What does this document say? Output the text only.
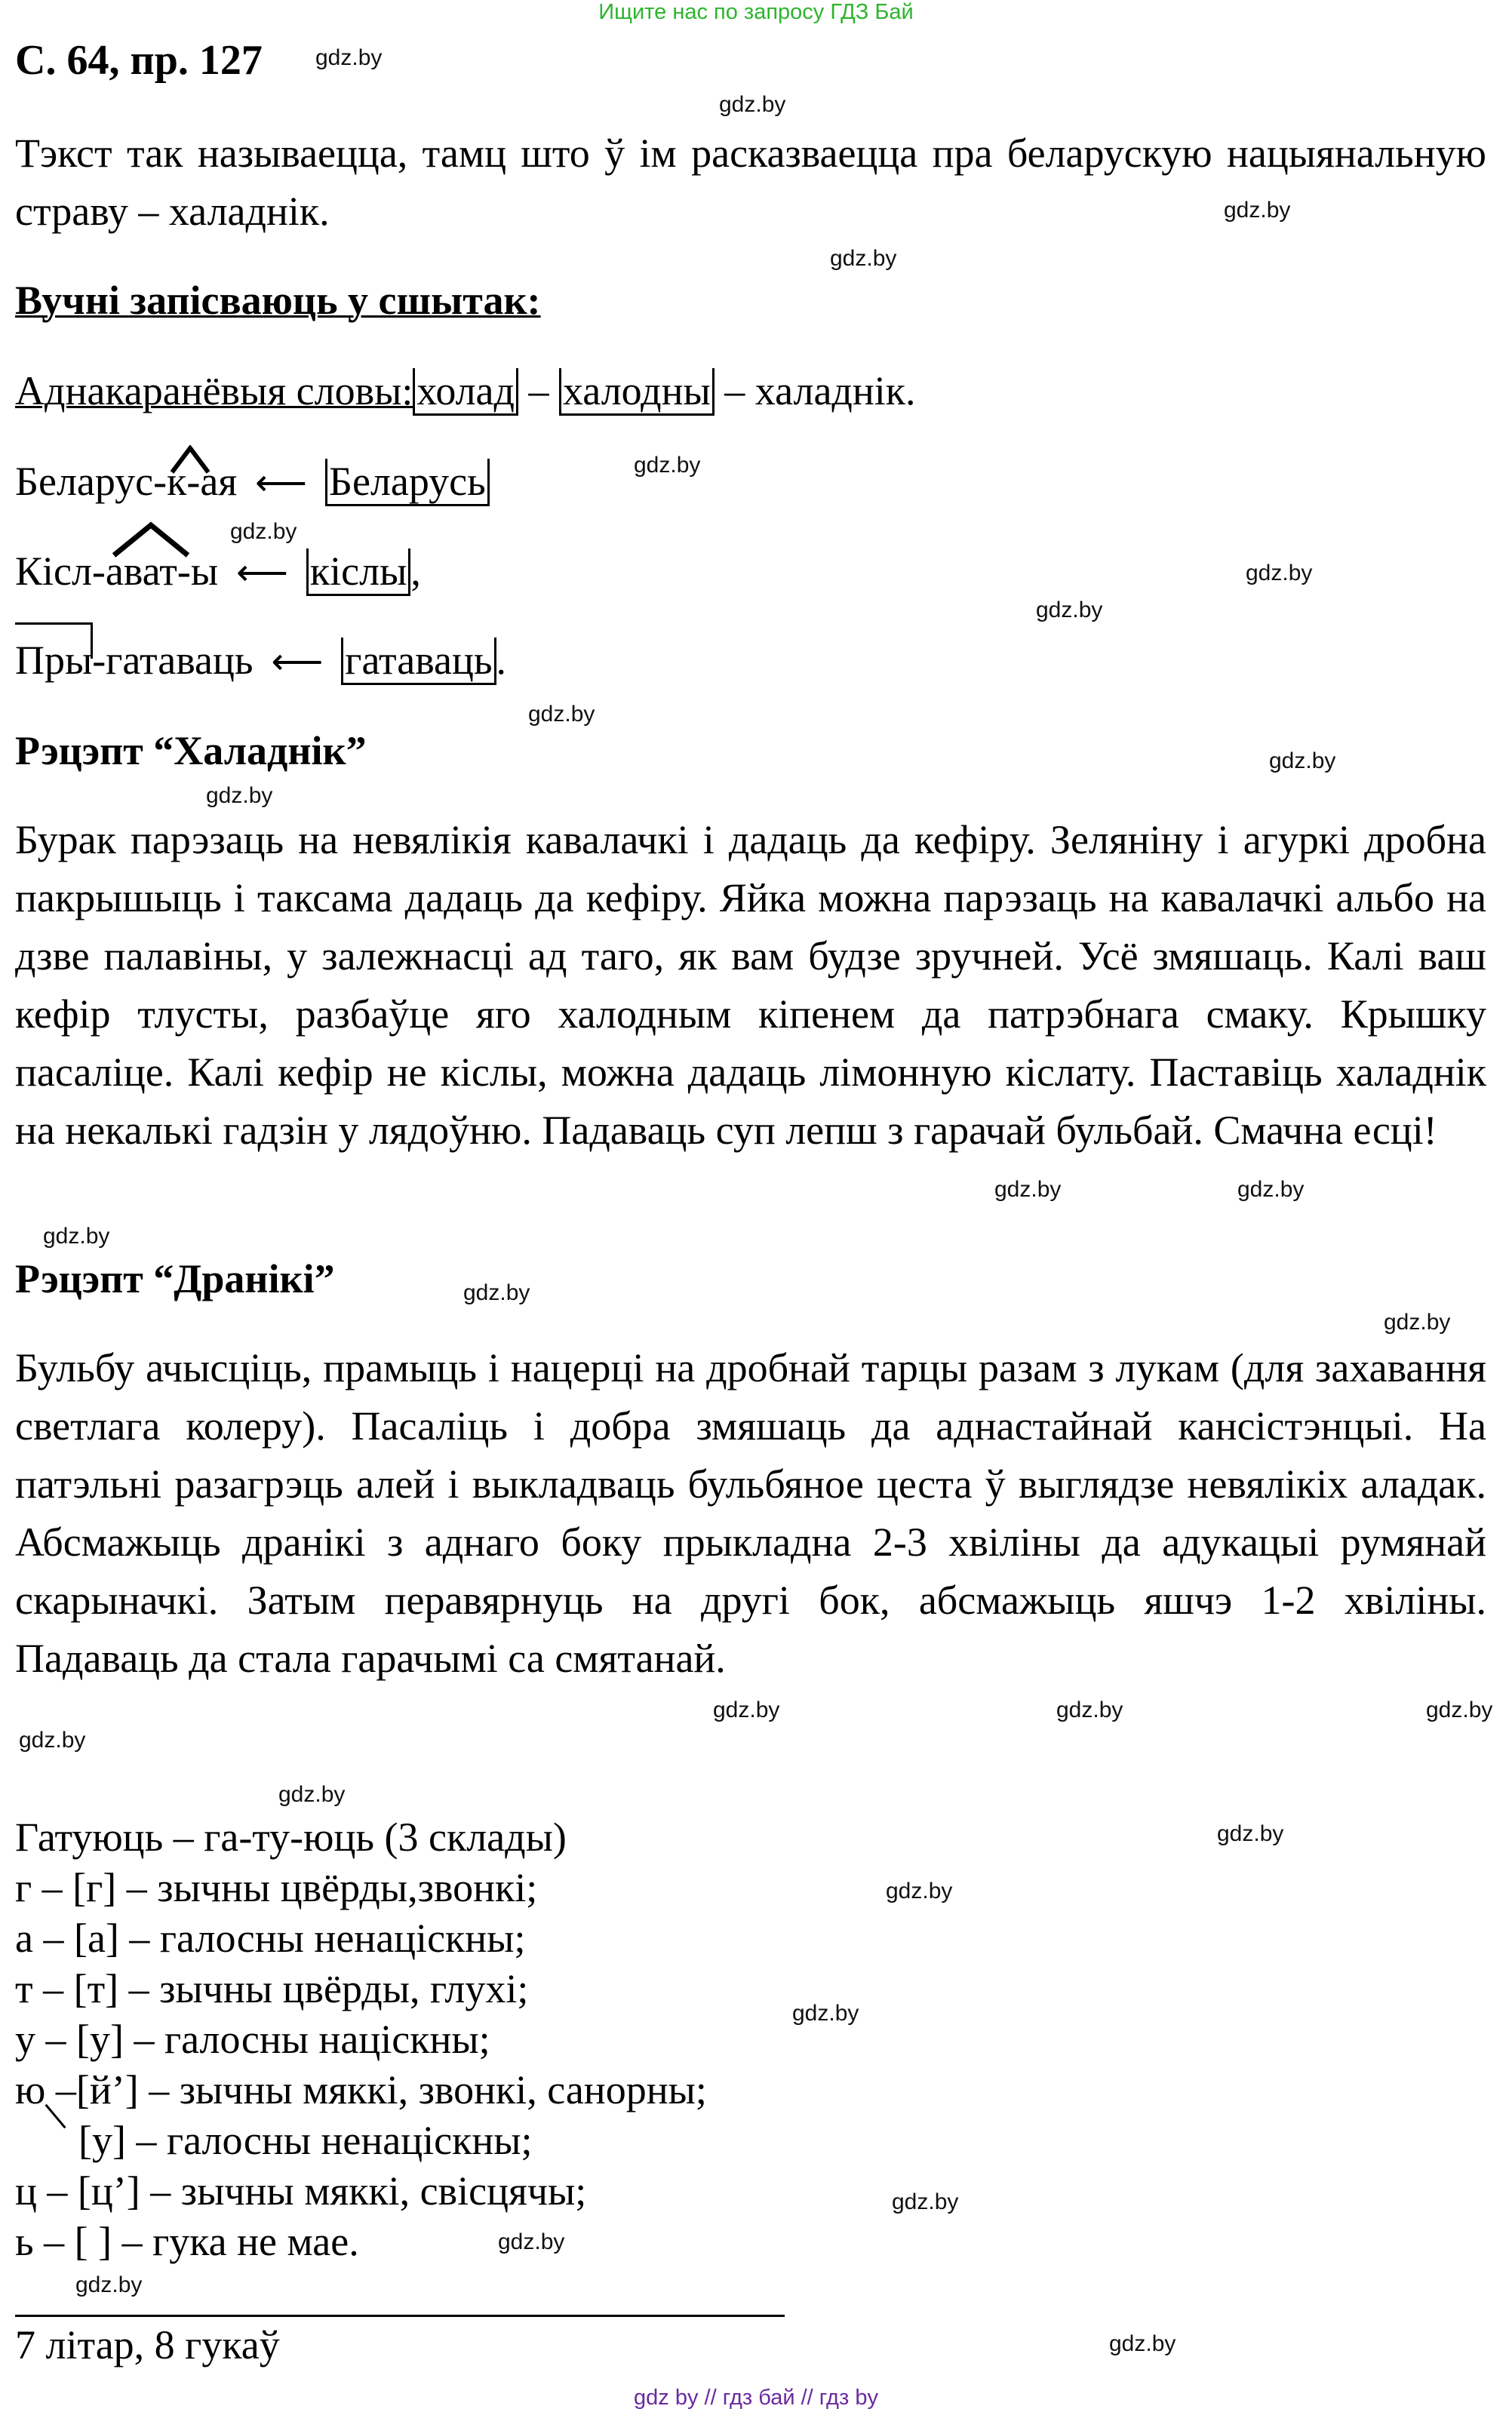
Ищите нас по запросу ГДЗ Бай
С. 64, пр. 127
Тэкст так называецца, тамц што ў ім расказваецца пра беларускую нацыянальную страву – халаднік.
Вучні запісваюць у сшытак:
Аднакаранёвыя словы:холад – халодны – халаднік.
Беларус-к-ая ⟵ Беларусь
Кісл-ават-ы ⟵ кіслы,
Пры-гатаваць ⟵ гатаваць.
Рэцэпт “Халаднік”
Бурак парэзаць на невялікія кавалачкі і дадаць да кефіру. Зеляніну і агуркі дробна пакрышыць і таксама дадаць да кефіру. Яйка можна парэзаць на кавалачкі альбо на дзве палавіны, у залежнасці ад таго, як вам будзе зручней. Усё змяшаць. Калі ваш кефір тлусты, разбаўце яго халодным кіпенем да патрэбнага смаку. Крышку пасаліце. Калі кефір не кіслы, можна дадаць лімонную кіслату. Паставіць халаднік на некалькі гадзін у лядоўню. Падаваць суп лепш з гарачай бульбай. Смачна есці!
Рэцэпт “Дранікі”
Бульбу ачысціць, прамыць і нацерці на дробнай тарцы разам з лукам (для захавання светлага колеру). Пасаліць і добра змяшаць да аднастайнай кансістэнцыі. На патэльні разагрэць алей і выкладваць бульбяное цеста ў выглядзе невялікіх аладак. Абсмажыць дранікі з аднаго боку прыкладна 2-3 хвіліны да адукацыі румянай скарыначкі. Затым перавярнуць на другі бок, абсмажыць яшчэ 1-2 хвіліны. Падаваць да стала гарачымі са смятанай.
Гатуюць – га-ту-юць (3 склады)
г – [г] – зычны цвёрды,звонкі;
а – [а] – галосны ненаціскны;
т – [т] – зычны цвёрды, глухі;
у – [у] – галосны націскны;
ю –[й’] – зычны мяккі, звонкі, санорны;
[у] – галосны ненаціскны;
ц – [ц’] – зычны мяккі, свісцячы;
ь – [ ] – гука не мае.
7 літар, 8 гукаў
gdz.by
gdz.by
gdz.by
gdz.by
gdz.by
gdz.by
gdz.by
gdz.by
gdz.by
gdz.by
gdz.by
gdz.by
gdz.by
gdz.by
gdz.by
gdz.by
gdz.by	gdz.by
gdz.by
gdz.by
gdz.by
gdz.by
gdz.by
gdz.by
gdz.by
gdz.by
gdz.by
gdz.by
gdz by // гдз бай // гдз by
